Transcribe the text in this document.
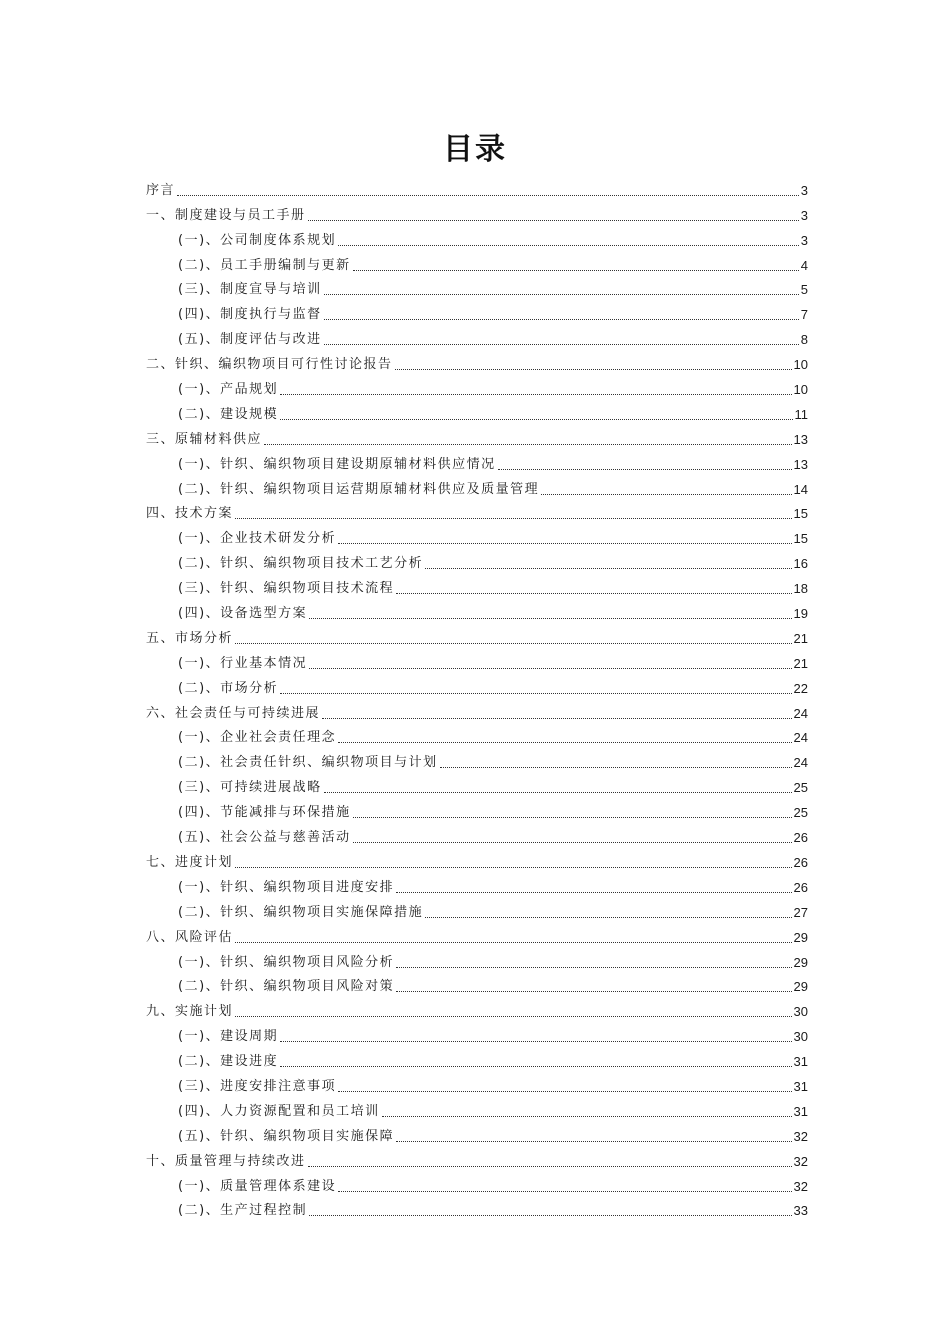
目录
序言	3
一、制度建设与员工手册	3
(一)、公司制度体系规划	3
(二)、员工手册编制与更新	4
(三)、制度宣导与培训	5
(四)、制度执行与监督	7
(五)、制度评估与改进	8
二、针织、编织物项目可行性讨论报告	10
(一)、产品规划	10
(二)、建设规模	11
三、原辅材料供应	13
(一)、针织、编织物项目建设期原辅材料供应情况	13
(二)、针织、编织物项目运营期原辅材料供应及质量管理	14
四、技术方案	15
(一)、企业技术研发分析	15
(二)、针织、编织物项目技术工艺分析	16
(三)、针织、编织物项目技术流程	18
(四)、设备选型方案	19
五、市场分析	21
(一)、行业基本情况	21
(二)、市场分析	22
六、社会责任与可持续进展	24
(一)、企业社会责任理念	24
(二)、社会责任针织、编织物项目与计划	24
(三)、可持续进展战略	25
(四)、节能减排与环保措施	25
(五)、社会公益与慈善活动	26
七、进度计划	26
(一)、针织、编织物项目进度安排	26
(二)、针织、编织物项目实施保障措施	27
八、风险评估	29
(一)、针织、编织物项目风险分析	29
(二)、针织、编织物项目风险对策	29
九、实施计划	30
(一)、建设周期	30
(二)、建设进度	31
(三)、进度安排注意事项	31
(四)、人力资源配置和员工培训	31
(五)、针织、编织物项目实施保障	32
十、质量管理与持续改进	32
(一)、质量管理体系建设	32
(二)、生产过程控制	33
